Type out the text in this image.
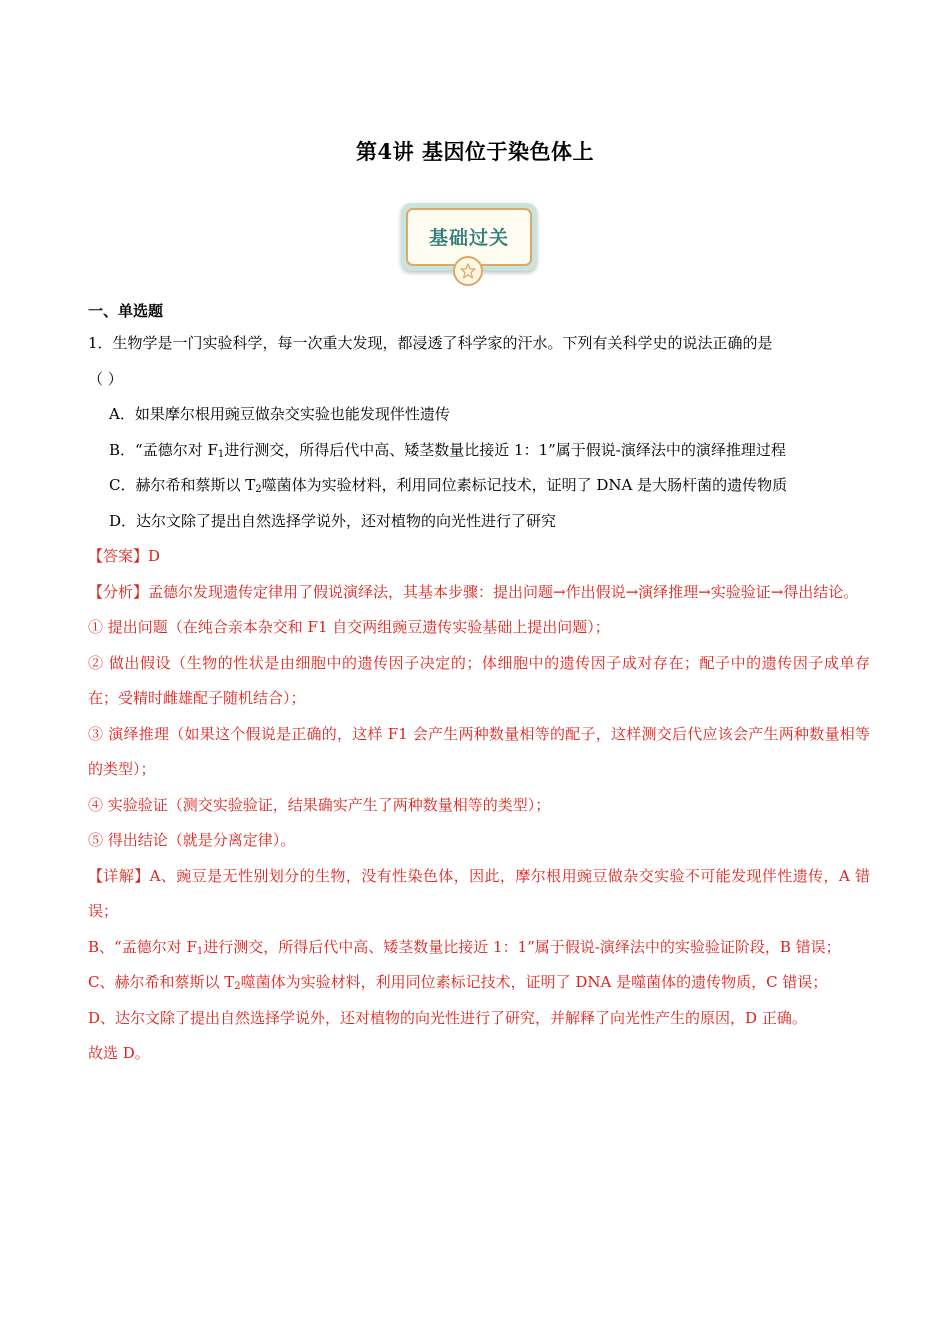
第4讲 基因位于染色体上
基础过关
一、单选题
1．生物学是一门实验科学，每一次重大发现，都浸透了科学家的汗水。下列有关科学史的说法正确的是
（ ）
A．如果摩尔根用豌豆做杂交实验也能发现伴性遗传
B．“孟德尔对 $F_1$进行测交，所得后代中高、矮茎数量比接近 1：1”属于假说-演绎法中的演绎推理过程
C．赫尔希和蔡斯以 $T_2$噬菌体为实验材料，利用同位素标记技术，证明了 DNA 是大肠杆菌的遗传物质
D．达尔文除了提出自然选择学说外，还对植物的向光性进行了研究
【答案】D
【分析】孟德尔发现遗传定律用了假说演绎法，其基本步骤：提出问题→作出假说→演绎推理→实验验证→得出结论。
① 提出问题（在纯合亲本杂交和 F1 自交两组豌豆遗传实验基础上提出问题）；
② 做出假设（生物的性状是由细胞中的遗传因子决定的；体细胞中的遗传因子成对存在；配子中的遗传因子成单存在；受精时雌雄配子随机结合）；
③ 演绎推理（如果这个假说是正确的，这样 F1 会产生两种数量相等的配子，这样测交后代应该会产生两种数量相等的类型）；
④ 实验验证（测交实验验证，结果确实产生了两种数量相等的类型）；
⑤ 得出结论（就是分离定律）。
【详解】A、豌豆是无性别划分的生物，没有性染色体，因此，摩尔根用豌豆做杂交实验不可能发现伴性遗传，A 错误；
B、“孟德尔对 $F_1$进行测交，所得后代中高、矮茎数量比接近 1：1”属于假说-演绎法中的实验验证阶段，B 错误；
C、赫尔希和蔡斯以 $T_2$噬菌体为实验材料，利用同位素标记技术，证明了 DNA 是噬菌体的遗传物质，C 错误；
D、达尔文除了提出自然选择学说外，还对植物的向光性进行了研究，并解释了向光性产生的原因，D 正确。
故选 D。
